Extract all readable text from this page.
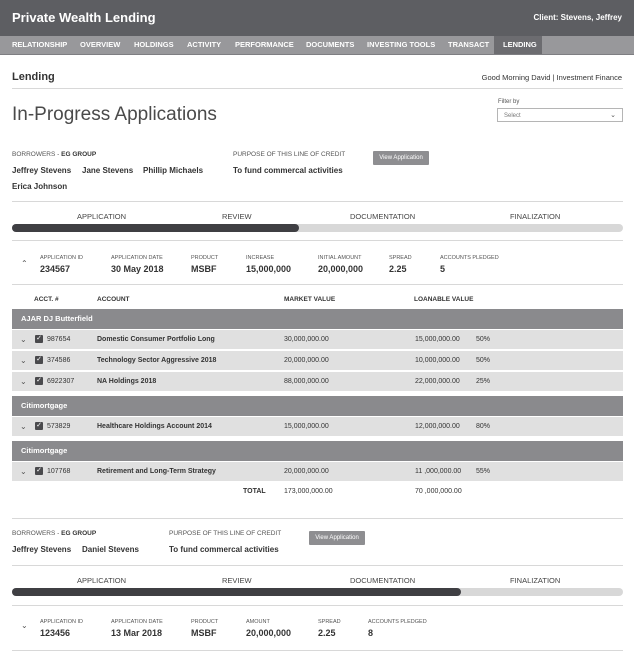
Private Wealth Lending	Client: Stevens, Jeffrey
RELATIONSHIP OVERVIEW HOLDINGS ACTIVITY PERFORMANCE DOCUMENTS INVESTING TOOLS TRANSACT	LENDING
Lending	Good Morning David | Investment Finance
In-Progress Applications
Filter by
Select	⌄
BORROWERS - EG GROUP
Jeffrey Stevens Jane Stevens Phillip Michaels
Erica Johnson
PURPOSE OF THIS LINE OF CREDIT
To fund commercal activities
View Application
APPLICATION	REVIEW	DOCUMENTATION	FINALIZATION
⌃
APPLICATION ID
234567
APPLICATION DATE
30 May 2018
PRODUCT
MSBF
INCREASE
15,000,000
INITIAL AMOUNT
20,000,000
SPREAD
2.25
ACCOUNTS PLEDGED
5
ACCT. #	ACCOUNT	MARKET VALUE	LOANABLE VALUE
AJAR DJ Butterfield
⌄ ✓ 987654	Domestic Consumer Portfolio Long	30,000,000.00	15,000,000.00 50%
⌄ ✓ 374586	Technology Sector Aggressive 2018	20,000,000.00	10,000,000.00 50%
⌄ ✓ 6922307	NA Holdings 2018	88,000,000.00	22,000,000.00 25%
Citimortgage
⌄ ✓ 573829	Healthcare Holdings Account 2014	15,000,000.00	12,000,000.00 80%
Citimortgage
⌄ ✓ 107768	Retirement and Long-Term Strategy	20,000,000.00	11 ,000,000.00 55%
TOTAL	173,000,000.00	70 ,000,000.00
BORROWERS - EG GROUP
Jeffrey Stevens Daniel Stevens
PURPOSE OF THIS LINE OF CREDIT
To fund commercal activities
View Application
APPLICATION	REVIEW	DOCUMENTATION	FINALIZATION
⌄ APPLICATION ID
123456
APPLICATION DATE
13 Mar 2018
PRODUCT
MSBF
AMOUNT
20,000,000
SPREAD
2.25
ACCOUNTS PLEDGED
8
